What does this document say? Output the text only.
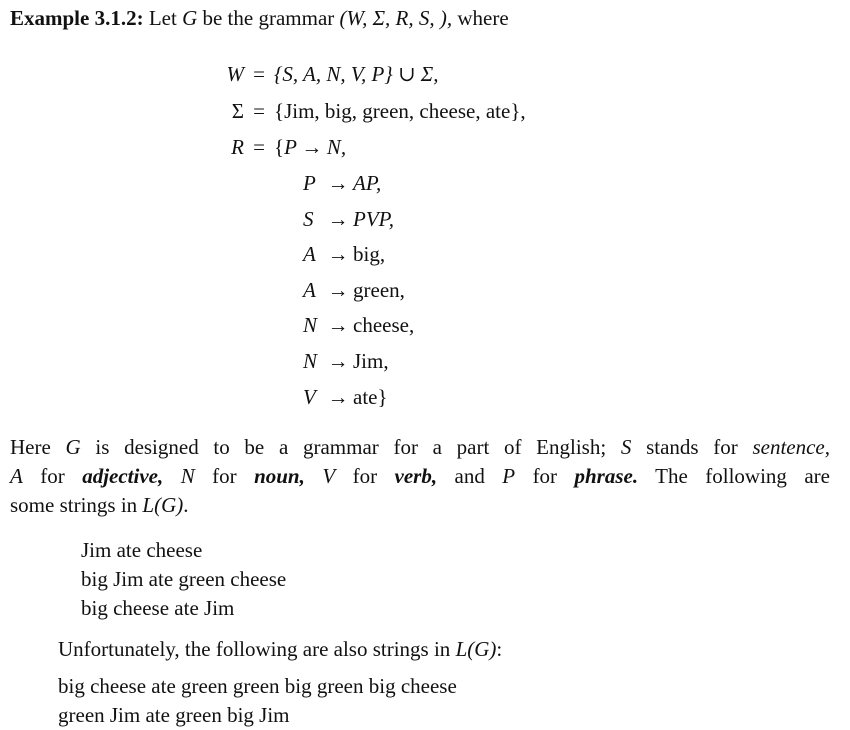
Example 3.1.2: Let G be the grammar (W, Σ, R, S, ), where
W = {S, A, N, V, P} ∪ Σ,
Σ = {Jim, big, green, cheese, ate},
R = {P → N,
P → AP,
S → PVP,
A → big,
A → green,
N → cheese,
N → Jim,
V → ate}
Here G is designed to be a grammar for a part of English; S stands for sentence,
A for adjective, N for noun, V for verb, and P for phrase. The following are
some strings in L(G).
Jim ate cheese
big Jim ate green cheese
big cheese ate Jim
Unfortunately, the following are also strings in L(G):
big cheese ate green green big green big cheese
green Jim ate green big Jim
